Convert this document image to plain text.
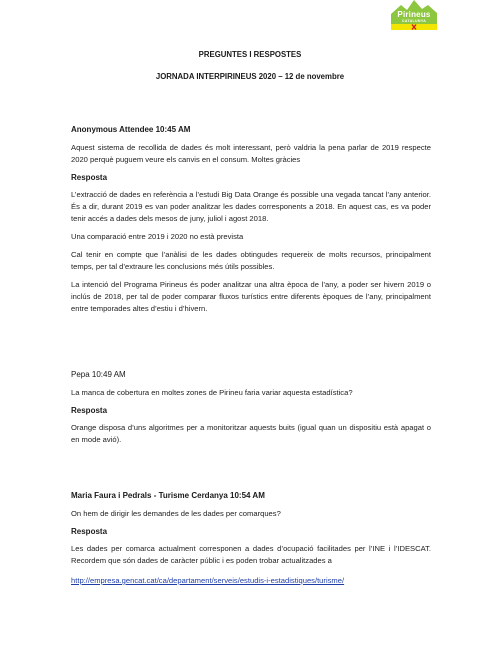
Pirineus
CATALUNYA

PREGUNTES I RESPOSTES

JORNADA INTERPIRINEUS 2020 – 12 de novembre

Anonymous Attendee 10:45 AM

Aquest sistema de recollida de dades és molt interessant, però valdria la pena parlar de 2019 respecte 2020 perquè puguem veure els canvis en el consum. Moltes gràcies

Resposta

L’extracció de dades en referència a l’estudi Big Data Orange és possible una vegada tancat l’any anterior. És a dir, durant 2019 es van poder analitzar les dades corresponents a 2018. En aquest cas, es va poder tenir accés a dades dels mesos de juny, juliol i agost 2018.

Una comparació entre 2019 i 2020 no està prevista

Cal tenir en compte que l’anàlisi de les dades obtingudes requereix de molts recursos, principalment temps, per tal d’extraure les conclusions més útils possibles.

La intenció del Programa Pirineus és poder analitzar una altra època de l’any, a poder ser hivern 2019 o inclús de 2018, per tal de poder comparar fluxos turístics entre diferents èpoques de l’any, principalment entre temporades altes d’estiu i d’hivern.

Pepa 10:49 AM

La manca de cobertura en moltes zones de Pirineu faria variar aquesta estadística?

Resposta

Orange disposa d’uns algoritmes per a monitoritzar aquests buits (igual quan un dispositiu està apagat o en mode avió).

Maria Faura i Pedrals - Turisme Cerdanya 10:54 AM

On hem de dirigir les demandes de les dades per comarques?

Resposta

Les dades per comarca actualment corresponen a dades d’ocupació facilitades per l’INE i l’IDESCAT. Recordem que són dades de caràcter públic i es poden trobar actualitzades a

http://empresa.gencat.cat/ca/departament/serveis/estudis-i-estadistiques/turisme/
